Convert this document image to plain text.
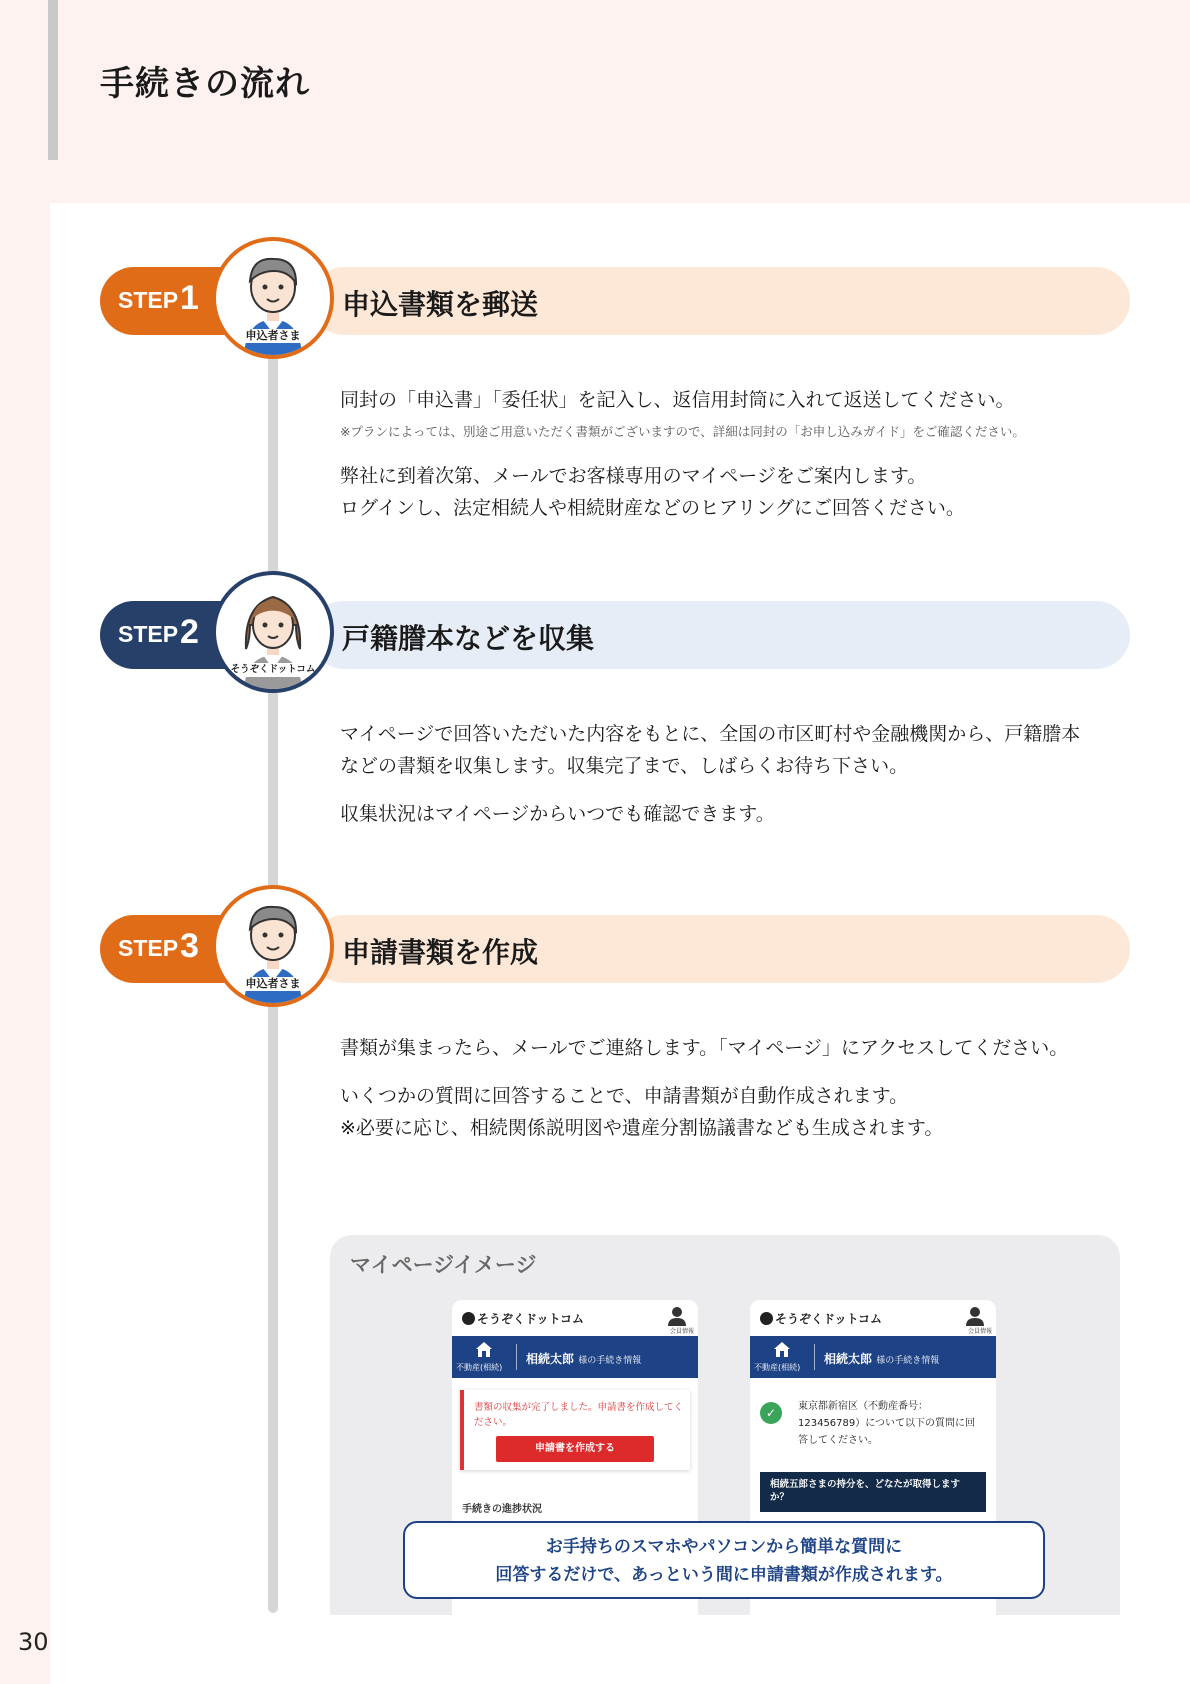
手続きの流れ
STEP 1	申込書類を郵送
申込者さま
同封の「申込書」「委任状」を記入し、返信用封筒に入れて返送してください。
※プランによっては、別途ご用意いただく書類がございますので、詳細は同封の「お申し込みガイド」をご確認ください。
弊社に到着次第、メールでお客様専用のマイページをご案内します。
ログインし、法定相続人や相続財産などのヒアリングにご回答ください。
STEP 2	戸籍謄本などを収集
そうぞくドットコム
マイページで回答いただいた内容をもとに、全国の市区町村や金融機関から、戸籍謄本
などの書類を収集します。収集完了まで、しばらくお待ち下さい。
収集状況はマイページからいつでも確認できます。
STEP 3	申請書類を作成
申込者さま
書類が集まったら、メールでご連絡します。「マイページ」にアクセスしてください。
いくつかの質問に回答することで、申請書類が自動作成されます。
※必要に応じ、相続関係説明図や遺産分割協議書なども生成されます。
マイページイメージ
そうぞくドットコム
会員情報
不動産(相続)
相続太郎 様の手続き情報
書類の収集が完了しました。申請書を作成してください。
申請書を作成する
手続きの進捗状況
そうぞくドットコム
会員情報
不動産(相続)
相続太郎 様の手続き情報
✓	東京都新宿区（不動産番号：123456789）について以下の質問に回答してください。
相続五郎さまの持分を、どなたが取得しますか？
お手持ちのスマホやパソコンから簡単な質問に
回答するだけで、あっという間に申請書類が作成されます。
30
